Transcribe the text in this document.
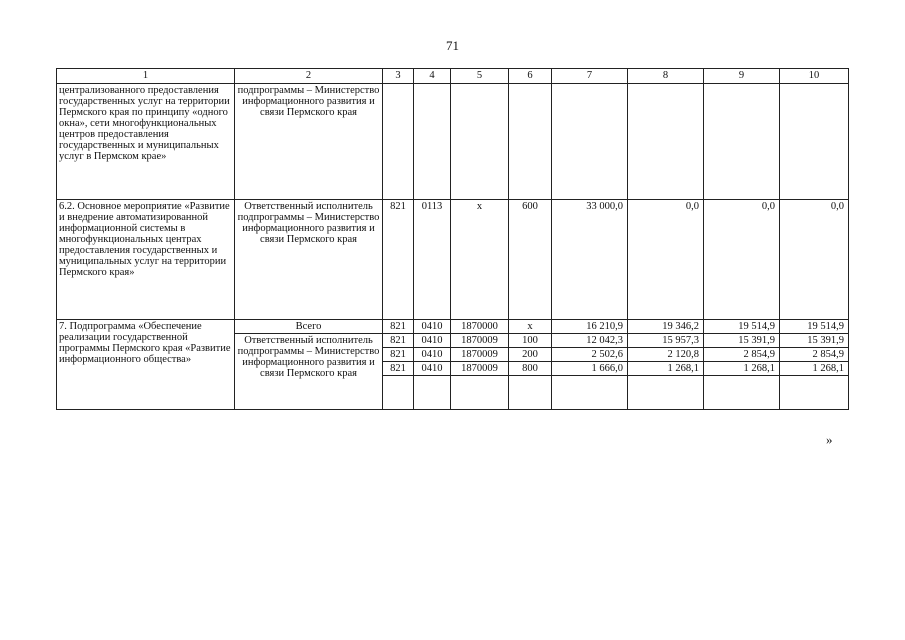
71
1	2	3	4	5	6	7	8	9	10
централизованного предоставления государственных услуг на территории Пермского края по принципу «одного окна», сети многофункциональных центров предоставления государственных и муниципальных услуг в Пермском крае»	подпрограммы – Министерство информационного развития и связи Пермского края								
6.2. Основное мероприятие «Развитие и внедрение автоматизированной информационной системы в многофункциональных центрах предоставления государственных и муниципальных услуг на территории Пермского края»	Ответственный исполнитель подпрограммы – Министерство информационного развития и связи Пермского края	821	0113	х	600	33 000,0	0,0	0,0	0,0
7. Подпрограмма «Обеспечение реализации государственной программы Пермского края «Развитие информационного общества»	Всего	821	0410	1870000	х	16 210,9	19 346,2	19 514,9	19 514,9
	Ответственный исполнитель подпрограммы – Министерство информационного развития и связи Пермского края	821	0410	1870009	100	12 042,3	15 957,3	15 391,9	15 391,9
		821	0410	1870009	200	2 502,6	2 120,8	2 854,9	2 854,9
		821	0410	1870009	800	1 666,0	1 268,1	1 268,1	1 268,1

»
